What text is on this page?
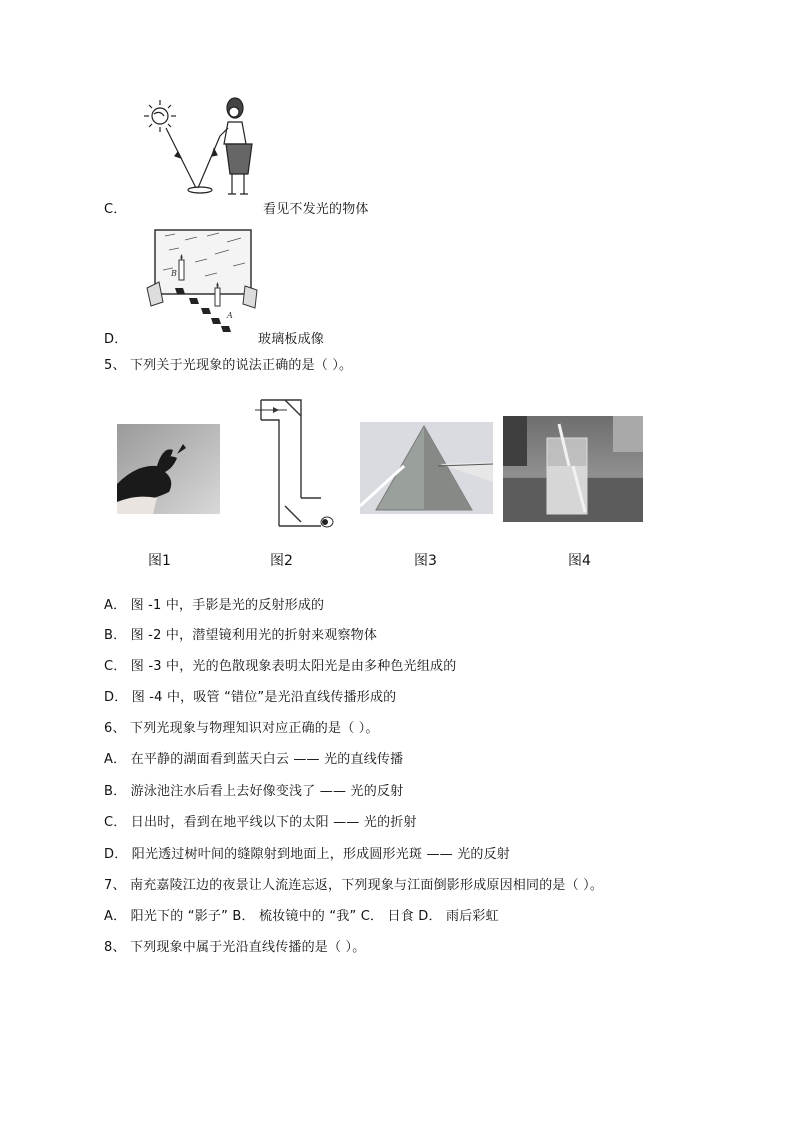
C．	看见不发光的物体
B
A
D．	玻璃板成像
5、 下列关于光现象的说法正确的是（ ）。
图1	图2	图3	图4
A． 图 -1 中，手影是光的反射形成的
B． 图 -2 中，潜望镜利用光的折射来观察物体
C． 图 -3 中，光的色散现象表明太阳光是由多种色光组成的
D． 图 -4 中，吸管 “错位”是光沿直线传播形成的
6、 下列光现象与物理知识对应正确的是（ ）。
A． 在平静的湖面看到蓝天白云 —— 光的直线传播
B． 游泳池注水后看上去好像变浅了 —— 光的反射
C． 日出时，看到在地平线以下的太阳 —— 光的折射
D． 阳光透过树叶间的缝隙射到地面上，形成圆形光斑 —— 光的反射
7、 南充嘉陵江边的夜景让人流连忘返，下列现象与江面倒影形成原因相同的是（ ）。
A． 阳光下的 “影子” B． 梳妆镜中的 “我” C． 日食 D． 雨后彩虹
8、 下列现象中属于光沿直线传播的是（ ）。
